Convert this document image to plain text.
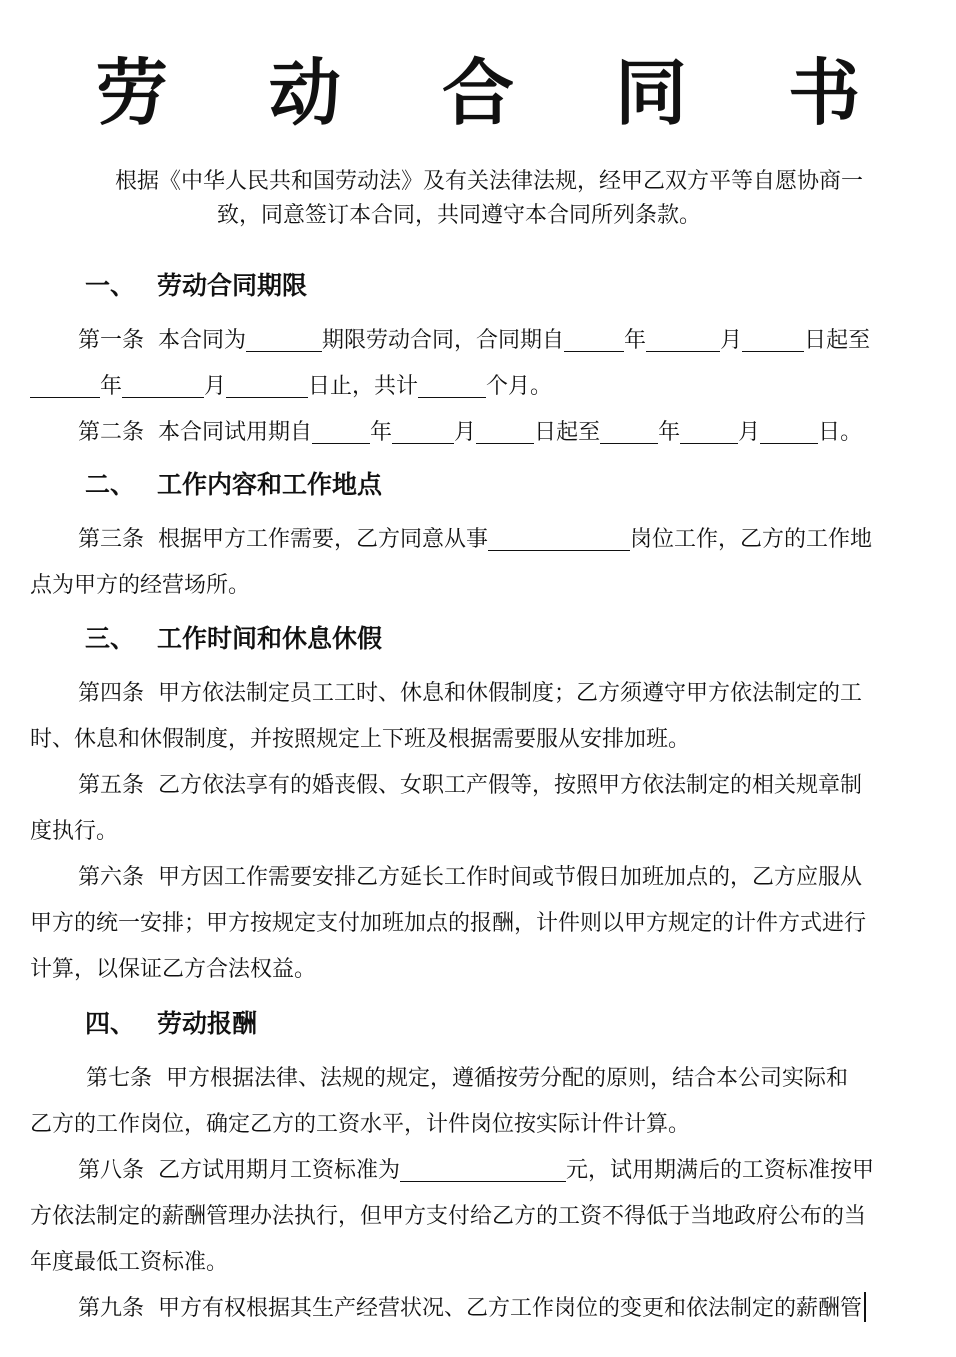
劳 动 合 同 书
根据《中华人民共和国劳动法》及有关法律法规，经甲乙双方平等自愿协商一
致，同意签订本合同，共同遵守本合同所列条款。
一、 劳动合同期限
第一条 本合同为	期限劳动合同，合同期自	年	月	日起至
年	月	日止，共计	个月。
第二条 本合同试用期自	年	月	日起至	年	月	日。
二、 工作内容和工作地点
第三条 根据甲方工作需要，乙方同意从事	岗位工作，乙方的工作地
点为甲方的经营场所。
三、 工作时间和休息休假
第四条 甲方依法制定员工工时、休息和休假制度；乙方须遵守甲方依法制定的工
时、休息和休假制度，并按照规定上下班及根据需要服从安排加班。
第五条 乙方依法享有的婚丧假、女职工产假等，按照甲方依法制定的相关规章制
度执行。
第六条 甲方因工作需要安排乙方延长工作时间或节假日加班加点的，乙方应服从
甲方的统一安排；甲方按规定支付加班加点的报酬，计件则以甲方规定的计件方式进行
计算，以保证乙方合法权益。
四、 劳动报酬
第七条 甲方根据法律、法规的规定，遵循按劳分配的原则，结合本公司实际和
乙方的工作岗位，确定乙方的工资水平，计件岗位按实际计件计算。
第八条 乙方试用期月工资标准为	元，试用期满后的工资标准按甲
方依法制定的薪酬管理办法执行，但甲方支付给乙方的工资不得低于当地政府公布的当
年度最低工资标准。
第九条 甲方有权根据其生产经营状况、乙方工作岗位的变更和依法制定的薪酬管
